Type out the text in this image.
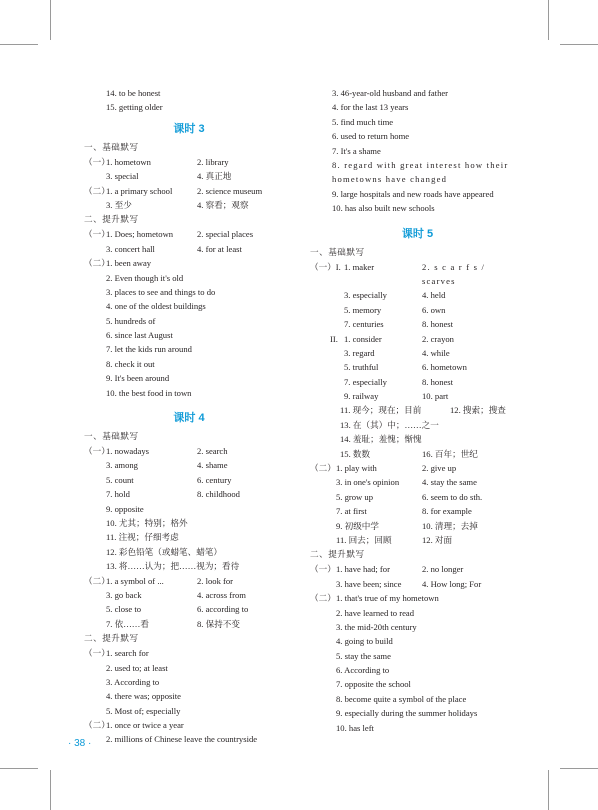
14. to be honest
15. getting older
课时 3
一、基础默写
（一）
1. hometown	2. library
3. special	4. 真正地
（二）
1. a primary school	2. science museum
3. 至少	4. 察看；观察
二、提升默写
（一）
1. Does; hometown	2. special places
3. concert hall	4. for at least
（二）
1. been away
2. Even though it's old
3. places to see and things to do
4. one of the oldest buildings
5. hundreds of
6. since last August
7. let the kids run around
8. check it out
9. It's been around
10. the best food in town
课时 4
一、基础默写
（一）
1. nowadays	2. search
3. among	4. shame
5. count	6. century
7. hold	8. childhood
9. opposite
10. 尤其；特别；格外
11. 注视；仔细考虑
12. 彩色铅笔（或蜡笔、蜡笔）
13. 将……认为；把……视为；看待
（二）
1. a symbol of ...	2. look for
3. go back	4. across from
5. close to	6. according to
7. 依……看	8. 保持不变
二、提升默写
（一）
1. search for
2. used to; at least
3. According to
4. there was; opposite
5. Most of; especially
（二）
1. once or twice a year
2. millions of Chinese leave the countryside
· 38 ·
3. 46-year-old husband and father
4. for the last 13 years
5. find much time
6. used to return home
7. It's a shame
8. regard with great interest how their hometowns have changed
9. large hospitals and new roads have appeared
10. has also built new schools
课时 5
一、基础默写
（一）I. 1. maker	2. s c a r f s / scarves
3. especially	4. held
5. memory	6. own
7. centuries	8. honest
II. 1. consider	2. crayon
3. regard	4. while
5. truthful	6. hometown
7. especially	8. honest
9. railway	10. part
11. 现今；现在；目前	12. 搜索；搜查
13. 在（其）中；……之一
14. 羞耻；羞愧；惭愧
15. 数数	16. 百年；世纪
（二） 1. play with	2. give up
3. in one's opinion	4. stay the same
5. grow up	6. seem to do sth.
7. at first	8. for example
9. 初级中学	10. 清理；去掉
11. 回去；回顾	12. 对面
二、提升默写
（一） 1. have had; for	2. no longer
3. have been; since 4. How long; For
（二） 1. that's true of my hometown
2. have learned to read
3. the mid-20th century
4. going to build
5. stay the same
6. According to
7. opposite the school
8. become quite a symbol of the place
9. especially during the summer holidays
10. has left
